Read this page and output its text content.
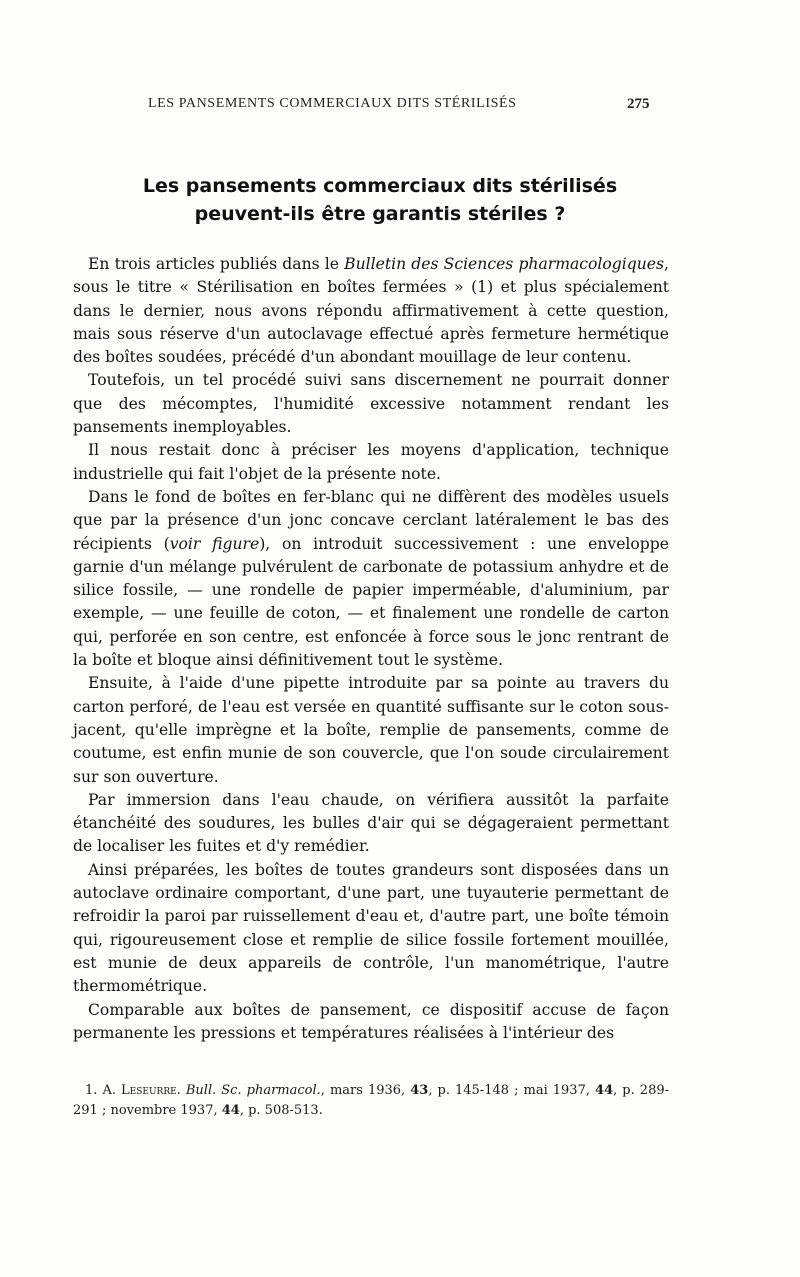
LES PANSEMENTS COMMERCIAUX DITS STÉRILISÉS	275
Les pansements commerciaux dits stérilisés
peuvent-ils être garantis stériles ?

En trois articles publiés dans le Bulletin des Sciences pharmacologiques, sous le titre « Stérilisation en boîtes fermées » (1) et plus spécialement dans le dernier, nous avons répondu affirmativement à cette question, mais sous réserve d'un autoclavage effectué après fermeture hermétique des boîtes soudées, précédé d'un abondant mouillage de leur contenu.

Toutefois, un tel procédé suivi sans discernement ne pourrait donner que des mécomptes, l'humidité excessive notamment rendant les pansements inemployables.

Il nous restait donc à préciser les moyens d'application, technique industrielle qui fait l'objet de la présente note.

Dans le fond de boîtes en fer-blanc qui ne diffèrent des modèles usuels que par la présence d'un jonc concave cerclant latéralement le bas des récipients (voir figure), on introduit successivement : une enveloppe garnie d'un mélange pulvérulent de carbonate de potassium anhydre et de silice fossile, — une rondelle de papier imperméable, d'aluminium, par exemple, — une feuille de coton, — et finalement une rondelle de carton qui, perforée en son centre, est enfoncée à force sous le jonc rentrant de la boîte et bloque ainsi définitivement tout le système.

Ensuite, à l'aide d'une pipette introduite par sa pointe au travers du carton perforé, de l'eau est versée en quantité suffisante sur le coton sous-jacent, qu'elle imprègne et la boîte, remplie de pansements, comme de coutume, est enfin munie de son couvercle, que l'on soude circulairement sur son ouverture.

Par immersion dans l'eau chaude, on vérifiera aussitôt la parfaite étanchéité des soudures, les bulles d'air qui se dégageraient permettant de localiser les fuites et d'y remédier.

Ainsi préparées, les boîtes de toutes grandeurs sont disposées dans un autoclave ordinaire comportant, d'une part, une tuyauterie permettant de refroidir la paroi par ruissellement d'eau et, d'autre part, une boîte témoin qui, rigoureusement close et remplie de silice fossile fortement mouillée, est munie de deux appareils de contrôle, l'un manométrique, l'autre thermométrique.

Comparable aux boîtes de pansement, ce dispositif accuse de façon permanente les pressions et températures réalisées à l'intérieur des

1. A. Leseurre. Bull. Sc. pharmacol., mars 1936, 43, p. 145-148 ; mai 1937, 44, p. 289-291 ; novembre 1937, 44, p. 508-513.
